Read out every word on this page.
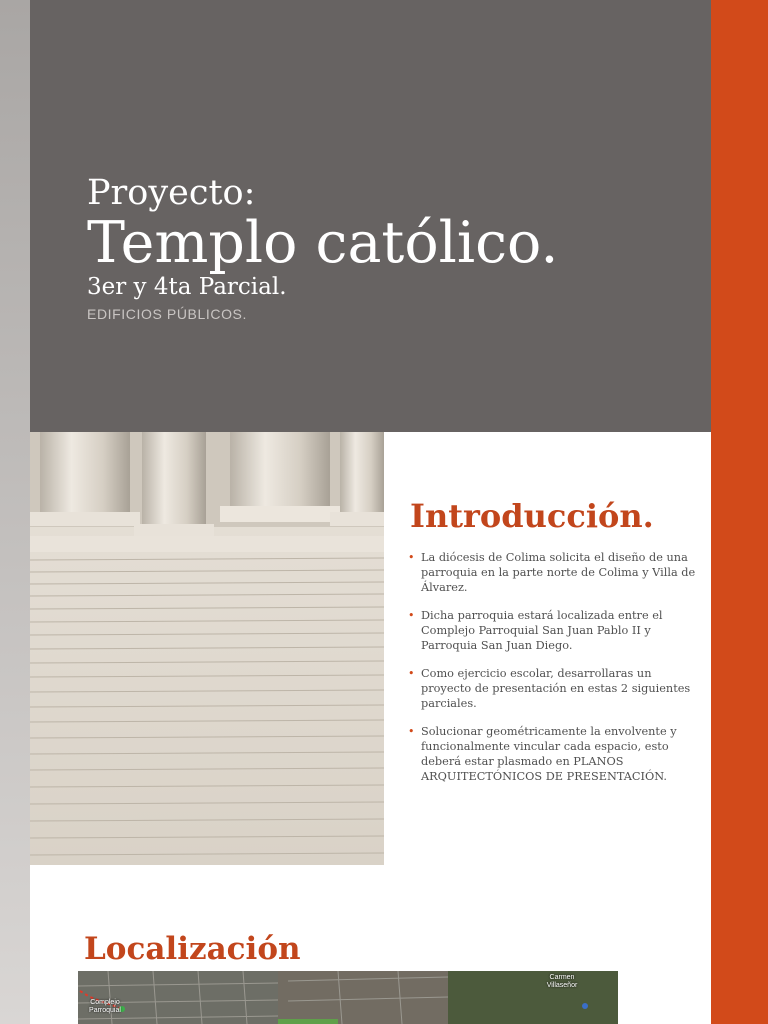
Proyecto:
Templo católico.
3er y 4ta Parcial.
EDIFICIOS PÚBLICOS.
Introducción.
• La diócesis de Colima solicita el diseño de una parroquia en la parte norte de Colima y Villa de Álvarez.
• Dicha parroquia estará localizada entre el Complejo Parroquial San Juan Pablo II y Parroquia San Juan Diego.
• Como ejercicio escolar, desarrollaras un proyecto de presentación en estas 2 siguientes parciales.
• Solucionar geométricamente la envolvente y funcionalmente vincular cada espacio, esto deberá estar plasmado en PLANOS ARQUITECTÓNICOS DE PRESENTACIÓN.
Localización
Complejo Parroquial
Carmen Villaseñor
